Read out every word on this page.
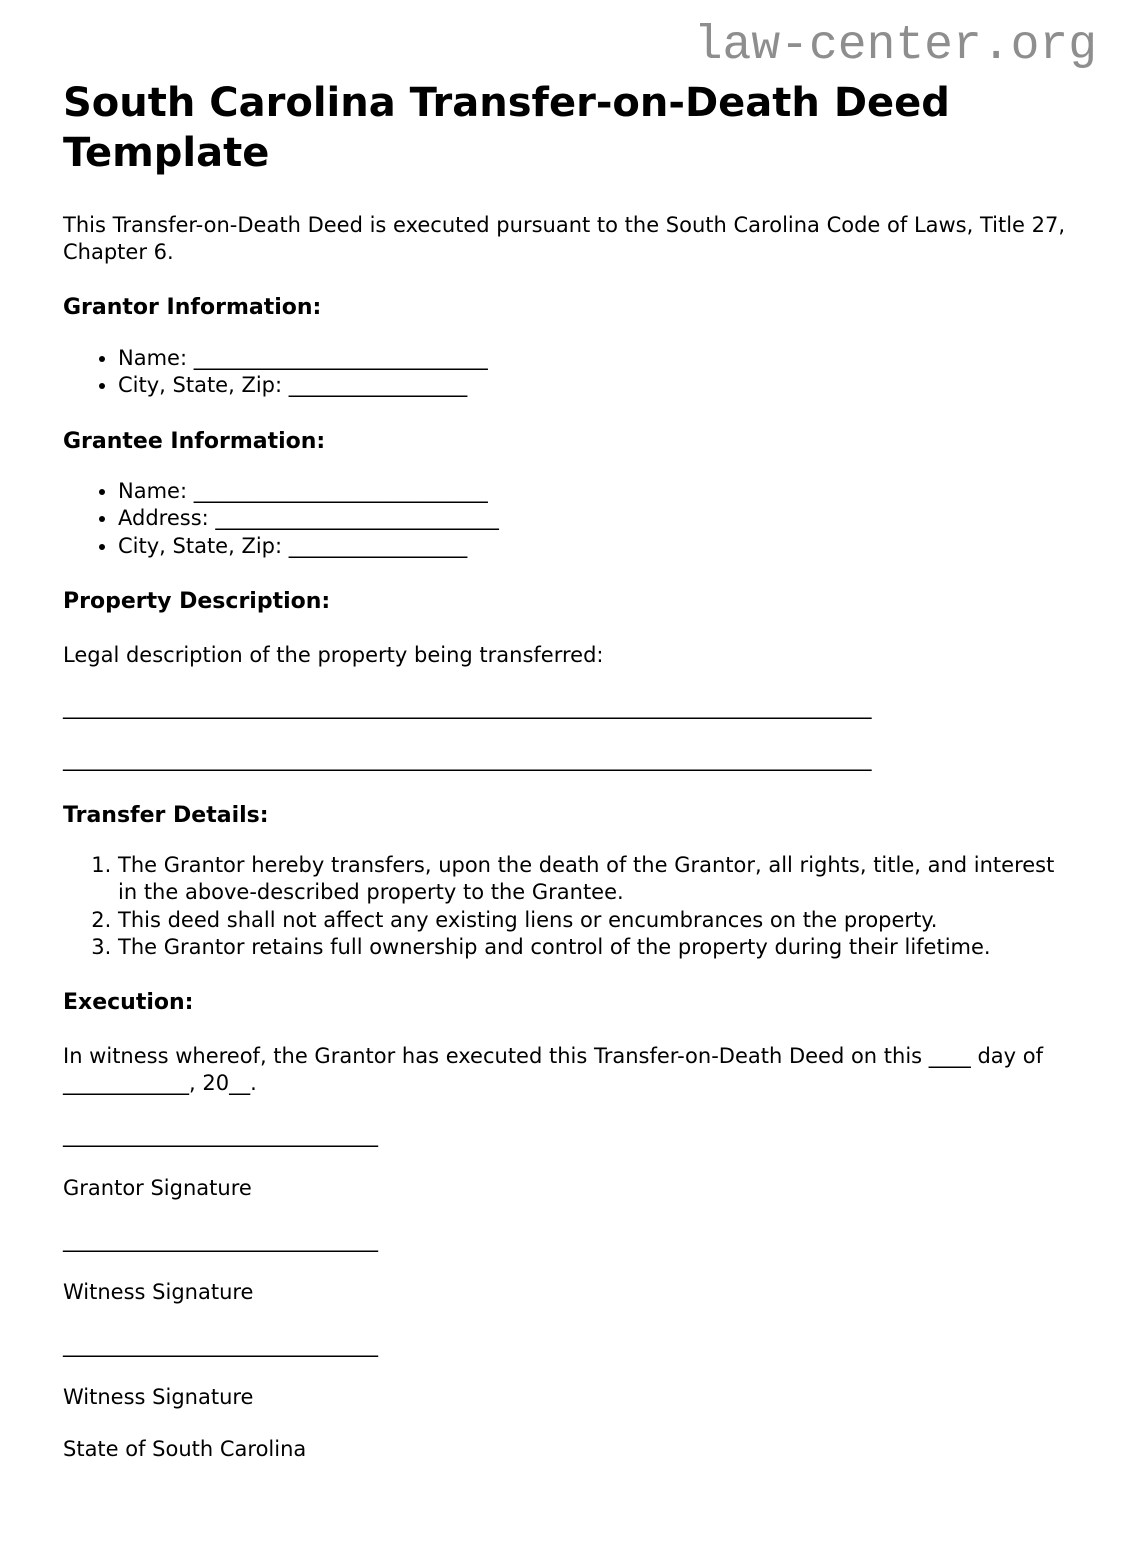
law-center.org
South Carolina Transfer-on-Death Deed Template

This Transfer-on-Death Deed is executed pursuant to the South Carolina Code of Laws, Title 27, Chapter 6.

Grantor Information:
• Name: ____________________________
• City, State, Zip: _________________
Grantee Information:
• Name: ____________________________
• Address: ___________________________
• City, State, Zip: _________________
Property Description:

Legal description of the property being transferred:

_____________________________________________________________________________

_____________________________________________________________________________

Transfer Details:
1. The Grantor hereby transfers, upon the death of the Grantor, all rights, title, and interest in the above-described property to the Grantee.
2. This deed shall not affect any existing liens or encumbrances on the property.
3. The Grantor retains full ownership and control of the property during their lifetime.
Execution:

In witness whereof, the Grantor has executed this Transfer-on-Death Deed on this ____ day of ____________, 20__.

______________________________

Grantor Signature

______________________________

Witness Signature

______________________________

Witness Signature

State of South Carolina
